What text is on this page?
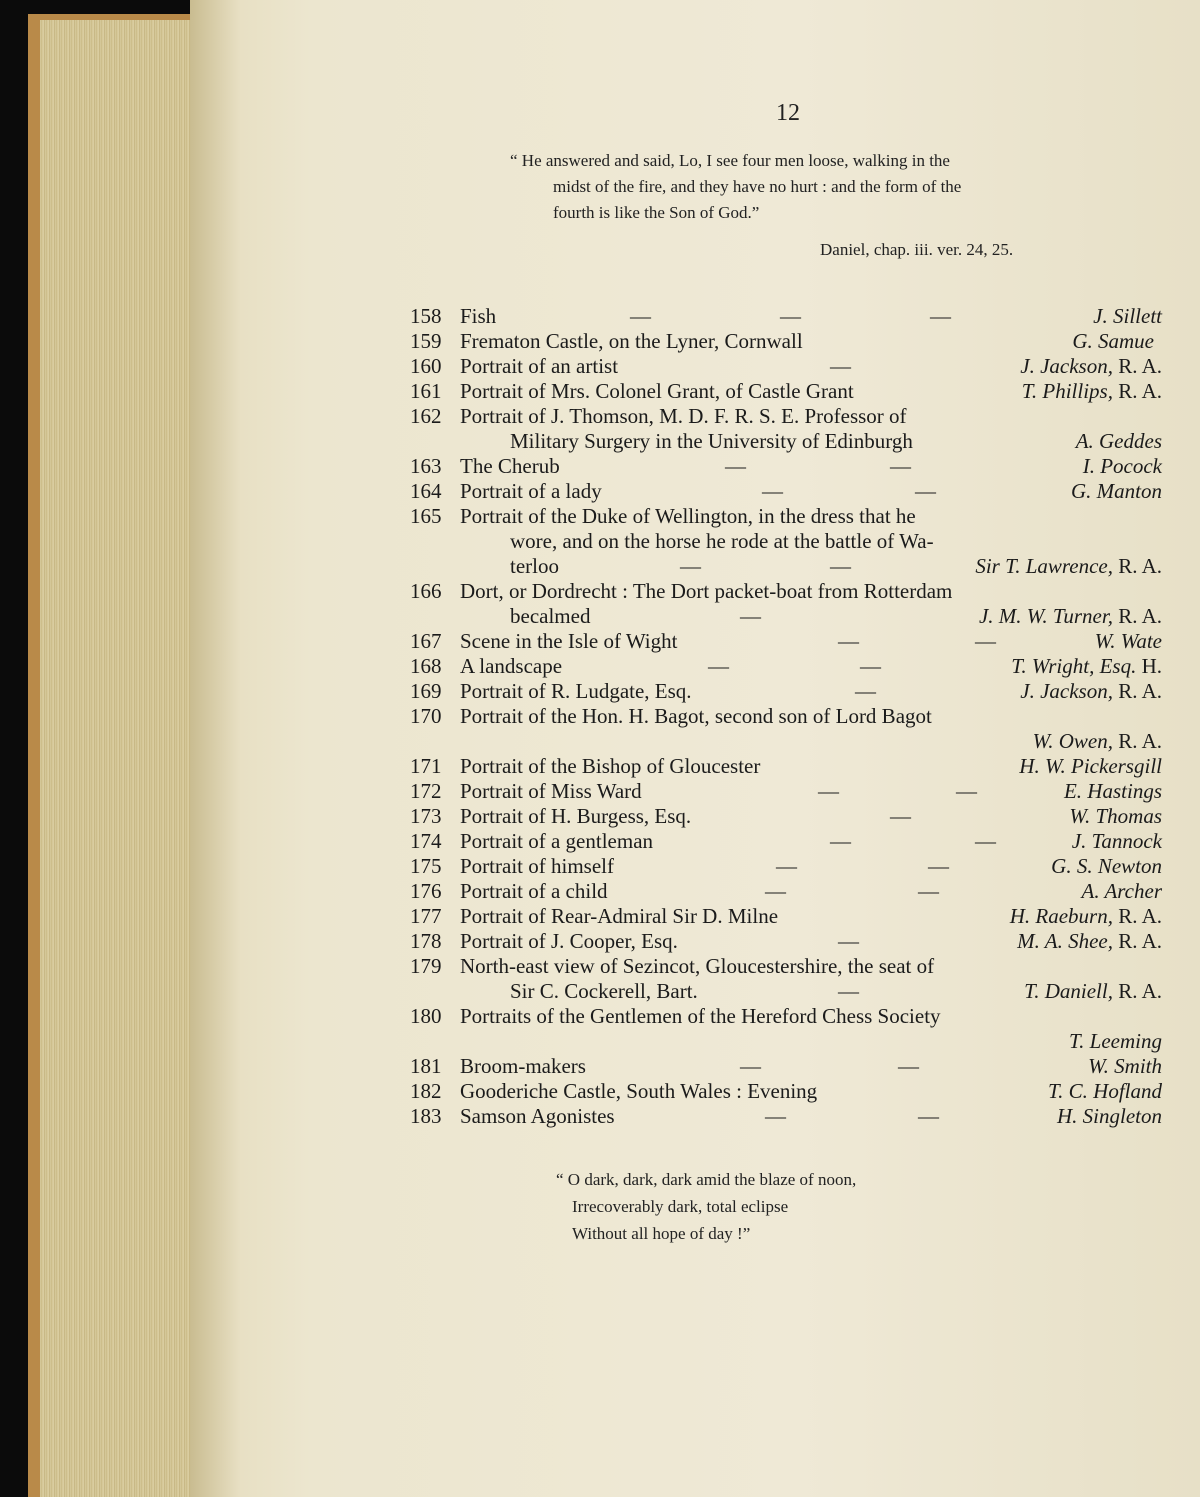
12
“ He answered and said, Lo, I see four men loose, walking in the
midst of the fire, and they have no hurt : and the form of the
fourth is like the Son of God.”
Daniel, chap. iii. ver. 24, 25.
158 Fish	—	—	—	J. Sillett
159 Frematon Castle, on the Lyner, Cornwall	G. Samue
160 Portrait of an artist	—	J. Jackson, R. A.
161 Portrait of Mrs. Colonel Grant, of Castle Grant	T. Phillips, R. A.
162 Portrait of J. Thomson, M. D. F. R. S. E. Professor of
Military Surgery in the University of Edinburgh	A. Geddes
163 The Cherub	—	—	I. Pocock
164 Portrait of a lady	—	—	G. Manton
165 Portrait of the Duke of Wellington, in the dress that he
wore, and on the horse he rode at the battle of Wa-
terloo	—	—	Sir T. Lawrence, R. A.
166 Dort, or Dordrecht : The Dort packet-boat from Rotterdam
becalmed	—	J. M. W. Turner, R. A.
167 Scene in the Isle of Wight	—	—	W. Wate
168 A landscape	—	—	T. Wright, Esq. H.
169 Portrait of R. Ludgate, Esq.	—	J. Jackson, R. A.
170 Portrait of the Hon. H. Bagot, second son of Lord Bagot
W. Owen, R. A.
171 Portrait of the Bishop of Gloucester	H. W. Pickersgill
172 Portrait of Miss Ward	—	—	E. Hastings
173 Portrait of H. Burgess, Esq.	—	W. Thomas
174 Portrait of a gentleman	—	—	J. Tannock
175 Portrait of himself	—	—	G. S. Newton
176 Portrait of a child	—	—	A. Archer
177 Portrait of Rear-Admiral Sir D. Milne	H. Raeburn, R. A.
178 Portrait of J. Cooper, Esq.	—	M. A. Shee, R. A.
179 North-east view of Sezincot, Gloucestershire, the seat of
Sir C. Cockerell, Bart.	—	T. Daniell, R. A.
180 Portraits of the Gentlemen of the Hereford Chess Society
T. Leeming
181 Broom-makers	—	—	W. Smith
182 Gooderiche Castle, South Wales : Evening	T. C. Hofland
183 Samson Agonistes	—	—	H. Singleton
“ O dark, dark, dark amid the blaze of noon,
Irrecoverably dark, total eclipse
Without all hope of day !”
